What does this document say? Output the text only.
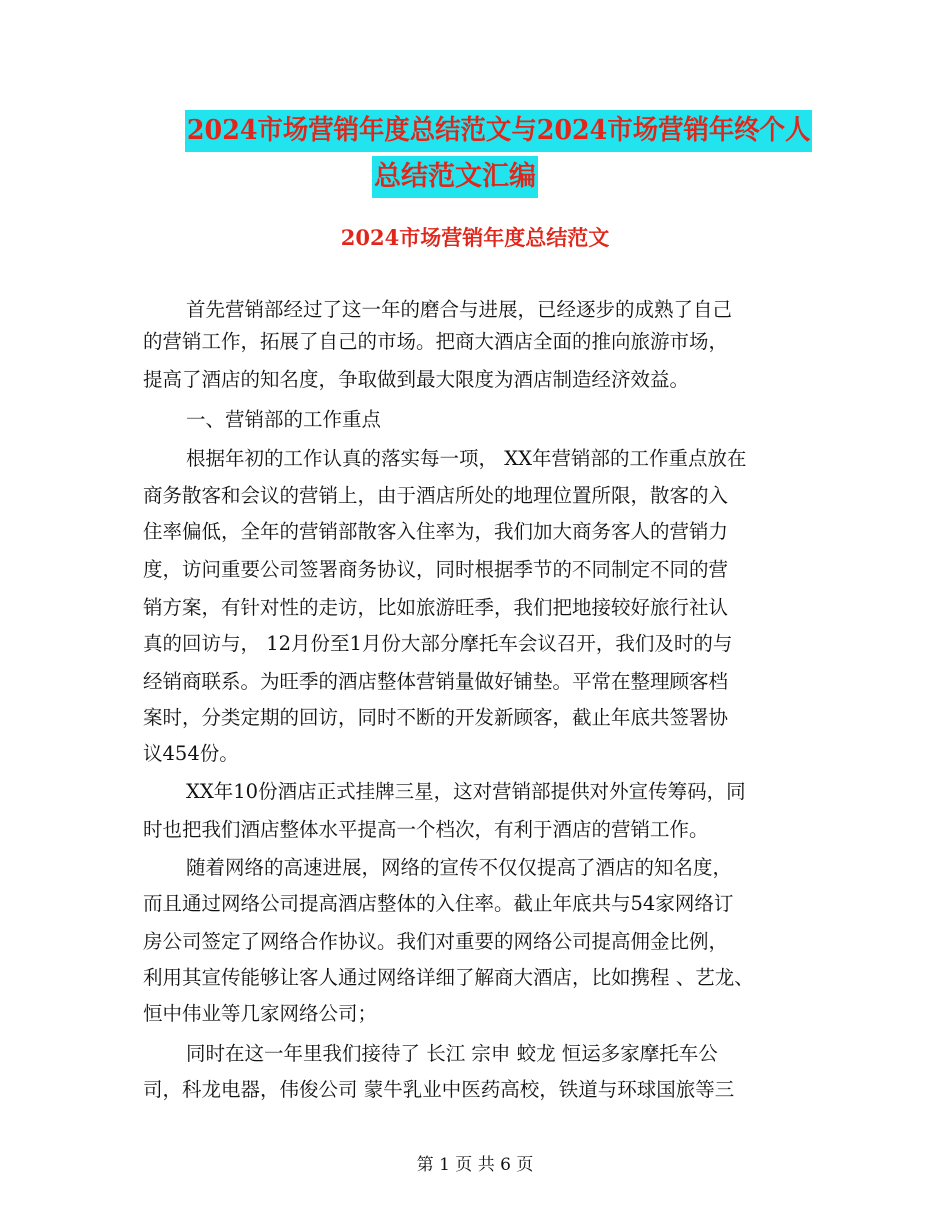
2024市场营销年度总结范文与2024市场营销年终个人
总结范文汇编
2024市场营销年度总结范文
首先营销部经过了这一年的磨合与进展，已经逐步的成熟了自己
的营销工作，拓展了自己的市场。把商大酒店全面的推向旅游市场，
提高了酒店的知名度，争取做到最大限度为酒店制造经济效益。
一、营销部的工作重点
根据年初的工作认真的落实每一项， XX年营销部的工作重点放在
商务散客和会议的营销上，由于酒店所处的地理位置所限，散客的入
住率偏低，全年的营销部散客入住率为，我们加大商务客人的营销力
度，访问重要公司签署商务协议，同时根据季节的不同制定不同的营
销方案，有针对性的走访，比如旅游旺季，我们把地接较好旅行社认
真的回访与， 12月份至1月份大部分摩托车会议召开，我们及时的与
经销商联系。为旺季的酒店整体营销量做好铺垫。平常在整理顾客档
案时，分类定期的回访，同时不断的开发新顾客，截止年底共签署协
议454份。
XX年10份酒店正式挂牌三星，这对营销部提供对外宣传筹码，同
时也把我们酒店整体水平提高一个档次，有利于酒店的营销工作。
随着网络的高速进展，网络的宣传不仅仅提高了酒店的知名度，
而且通过网络公司提高酒店整体的入住率。截止年底共与54家网络订
房公司签定了网络合作协议。我们对重要的网络公司提高佣金比例，
利用其宣传能够让客人通过网络详细了解商大酒店，比如携程 、艺龙、
恒中伟业等几家网络公司；
同时在这一年里我们接待了 长江 宗申 蛟龙 恒运多家摩托车公
司，科龙电器，伟俊公司 蒙牛乳业中医药高校，铁道与环球国旅等三
第 1 页 共 6 页
